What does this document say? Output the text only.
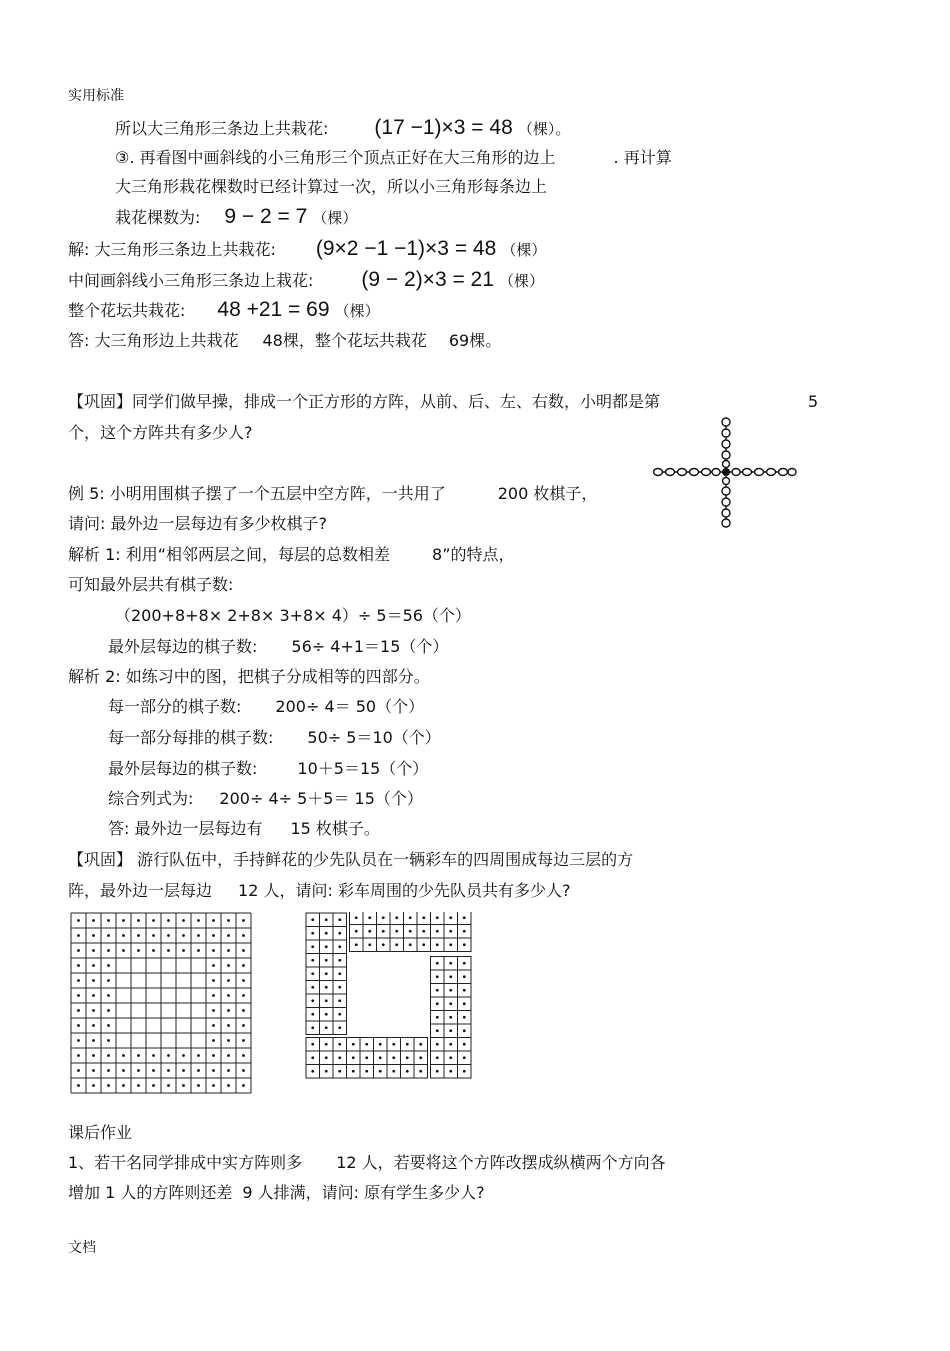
实用标准
所以大三角形三条边上共栽花: (17 −1)×3 = 48 （棵）。
③. 再看图中画斜线的小三角形三个顶点正好在大三角形的边上	. 再计算
大三角形栽花棵数时已经计算过一次，所以小三角形每条边上
栽花棵数为: 9 − 2 = 7 （棵）
解: 大三角形三条边上共栽花: (9×2 −1 −1)×3 = 48 （棵）
中间画斜线小三角形三条边上栽花: (9 − 2)×3 = 21 （棵）
整个花坛共栽花: 48 +21 = 69 （棵）
答: 大三角形边上共栽花 48棵，整个花坛共栽花 69棵。
【巩固】同学们做早操，排成一个正方形的方阵，从前、后、左、右数，小明都是第	5
个，这个方阵共有多少人?
例 5: 小明用围棋子摆了一个五层中空方阵，一共用了	200 枚棋子，
请问: 最外边一层每边有多少枚棋子?
解析 1: 利用“相邻两层之间，每层的总数相差	8”的特点，
可知最外层共有棋子数:
（200+8+8× 2+8× 3+8× 4）÷ 5＝56（个）
最外层每边的棋子数: 56÷ 4+1＝15（个）
解析 2: 如练习中的图，把棋子分成相等的四部分。
每一部分的棋子数: 200÷ 4＝ 50（个）
每一部分每排的棋子数: 50÷ 5＝10（个）
最外层每边的棋子数:	10＋5＝15（个）
综合列式为: 200÷ 4÷ 5＋5＝ 15（个）
答: 最外边一层每边有 15 枚棋子。
【巩固】 游行队伍中，手持鲜花的少先队员在一辆彩车的四周围成每边三层的方
阵，最外边一层每边 12 人，请问: 彩车周围的少先队员共有多少人?
课后作业
1、若干名同学排成中实方阵则多 12 人，若要将这个方阵改摆成纵横两个方向各
增加 1 人的方阵则还差 9 人排满，请问: 原有学生多少人?
文档
